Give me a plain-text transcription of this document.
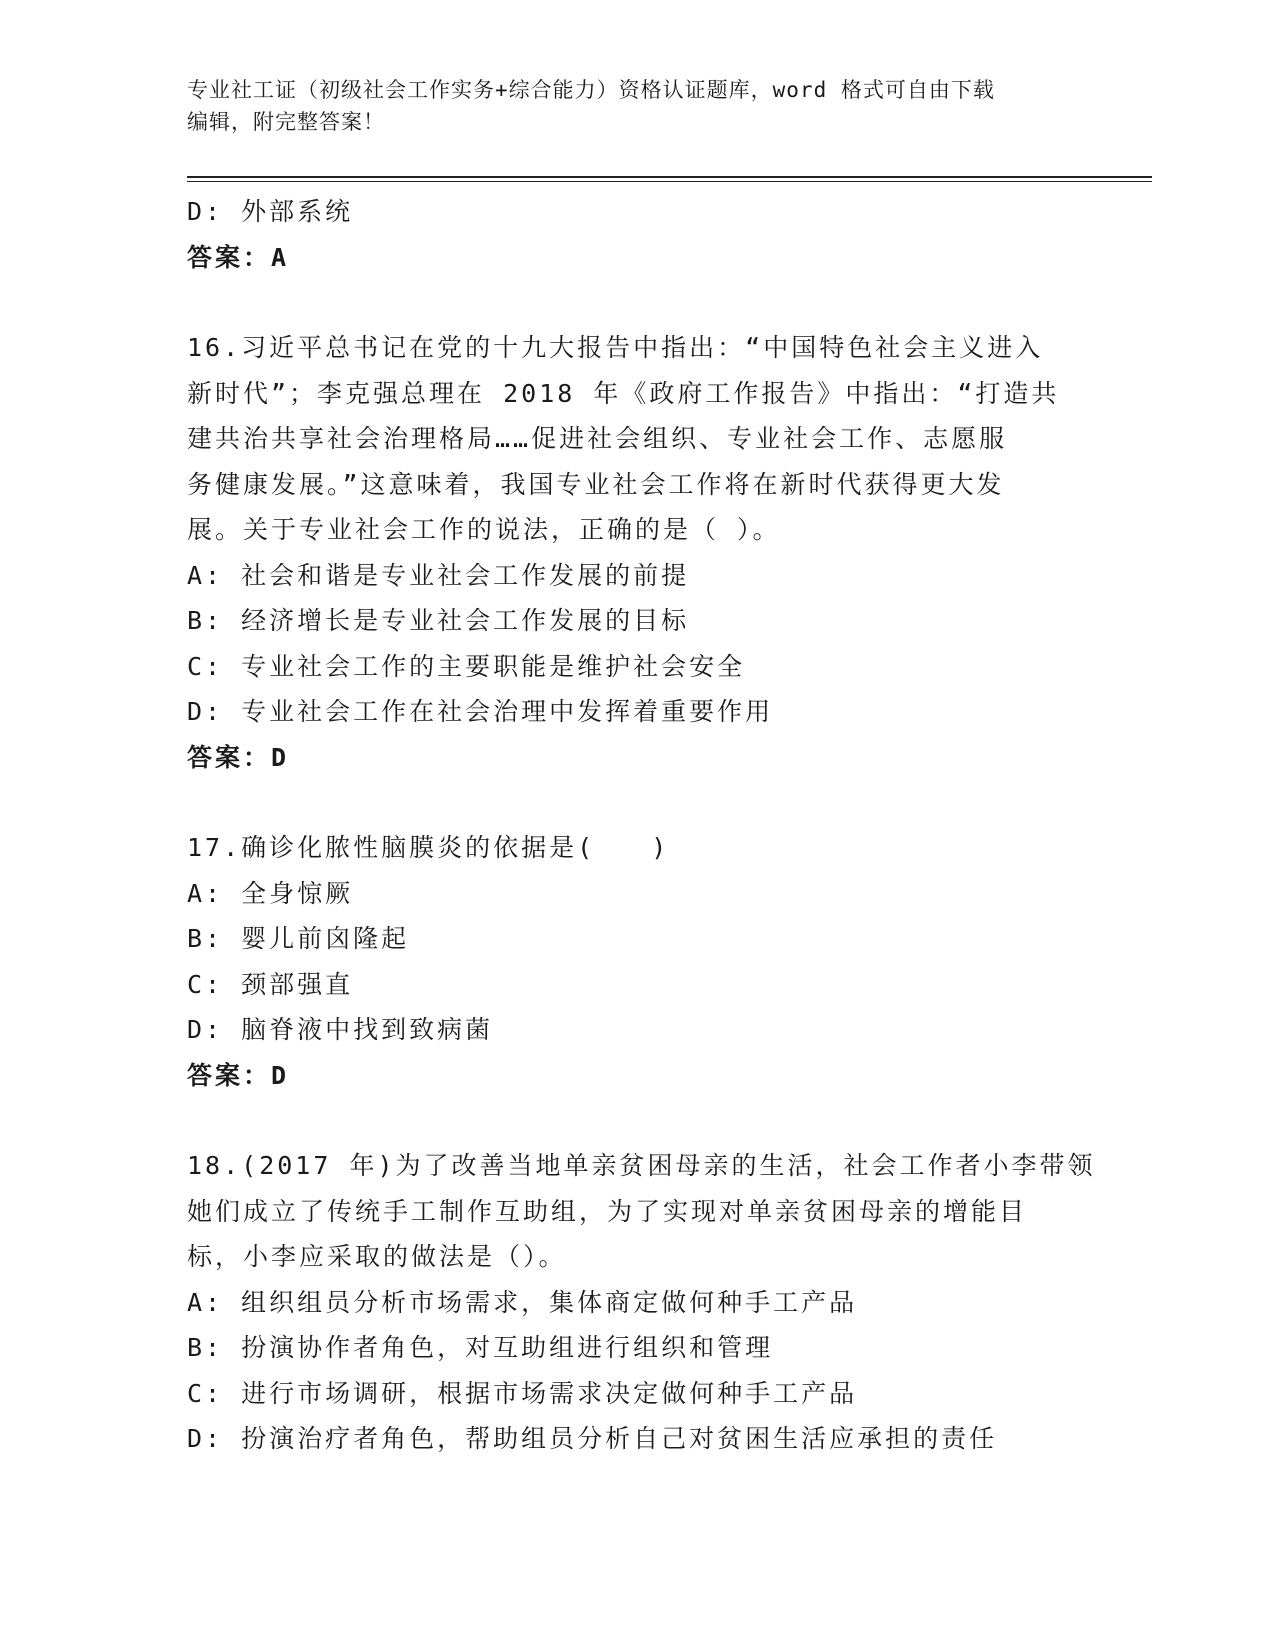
专业社工证（初级社会工作实务+综合能力）资格认证题库，word 格式可自由下载
编辑，附完整答案！
D: 外部系统
答案：A
16.习近平总书记在党的十九大报告中指出：“中国特色社会主义进入
新时代”；李克强总理在 2018 年《政府工作报告》中指出：“打造共
建共治共享社会治理格局……促进社会组织、专业社会工作、志愿服
务健康发展。”这意味着，我国专业社会工作将在新时代获得更大发
展。关于专业社会工作的说法，正确的是（ ）。
A: 社会和谐是专业社会工作发展的前提
B: 经济增长是专业社会工作发展的目标
C: 专业社会工作的主要职能是维护社会安全
D: 专业社会工作在社会治理中发挥着重要作用
答案：D
17.确诊化脓性脑膜炎的依据是(　　)
A: 全身惊厥
B: 婴儿前囟隆起
C: 颈部强直
D: 脑脊液中找到致病菌
答案：D
18.(2017 年)为了改善当地单亲贫困母亲的生活，社会工作者小李带领
她们成立了传统手工制作互助组，为了实现对单亲贫困母亲的增能目
标，小李应采取的做法是（）。
A: 组织组员分析市场需求，集体商定做何种手工产品
B: 扮演协作者角色，对互助组进行组织和管理
C: 进行市场调研，根据市场需求决定做何种手工产品
D: 扮演治疗者角色，帮助组员分析自己对贫困生活应承担的责任
